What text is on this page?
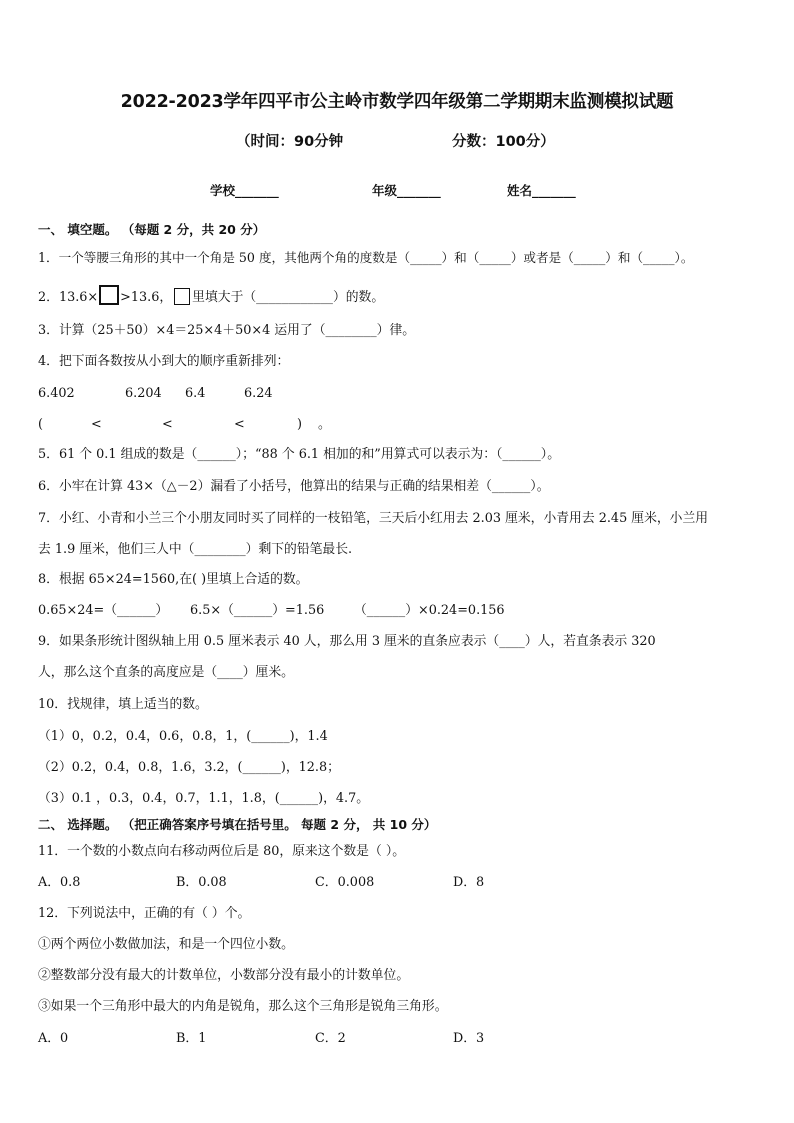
2022-2023学年四平市公主岭市数学四年级第二学期期末监测模拟试题
（时间：90分钟	分数：100分）
学校_______	年级_______	姓名_______
一、 填空题。 （每题 2 分，共 20 分）
1．一个等腰三角形的其中一个角是 50 度，其他两个角的度数是（_____）和（_____）或者是（_____）和（_____）。
2．13.6× >13.6， 里填大于（____________）的数。
3．计算（25＋50）×4＝25×4＋50×4 运用了（________）律。
4．把下面各数按从小到大的顺序重新排列：
6.402	6.204 6.4	6.24
(	<	<	<	) 。
5．61 个 0.1 组成的数是（______）；“88 个 6.1 相加的和”用算式可以表示为：（______）。
6．小牢在计算 43×（△－2）漏看了小括号，他算出的结果与正确的结果相差（______）。
7．小红、小青和小兰三个小朋友同时买了同样的一枝铅笔，三天后小红用去 2.03 厘米，小青用去 2.45 厘米，小兰用
去 1.9 厘米，他们三人中（________）剩下的铅笔最长.
8．根据 65×24=1560,在( )里填上合适的数。
0.65×24=（______） 6.5×（______）=1.56 （______）×0.24=0.156
9．如果条形统计图纵轴上用 0.5 厘米表示 40 人，那么用 3 厘米的直条应表示（____）人，若直条表示 320
人，那么这个直条的高度应是（____）厘米。
10．找规律，填上适当的数。
（1）0，0.2，0.4，0.6，0.8，1，(______)，1.4
（2）0.2，0.4，0.8，1.6，3.2，(______)，12.8；
（3）0.1 ，0.3，0.4，0.7，1.1，1.8，(______)，4.7。
二、 选择题。 （把正确答案序号填在括号里。 每题 2 分， 共 10 分）
11．一个数的小数点向右移动两位后是 80，原来这个数是（ ）。
A．0.8	B．0.08	C．0.008	D．8
12．下列说法中，正确的有（ ）个。
①两个两位小数做加法，和是一个四位小数。
②整数部分没有最大的计数单位，小数部分没有最小的计数单位。
③如果一个三角形中最大的内角是锐角，那么这个三角形是锐角三角形。
A．0	B．1	C．2	D．3
